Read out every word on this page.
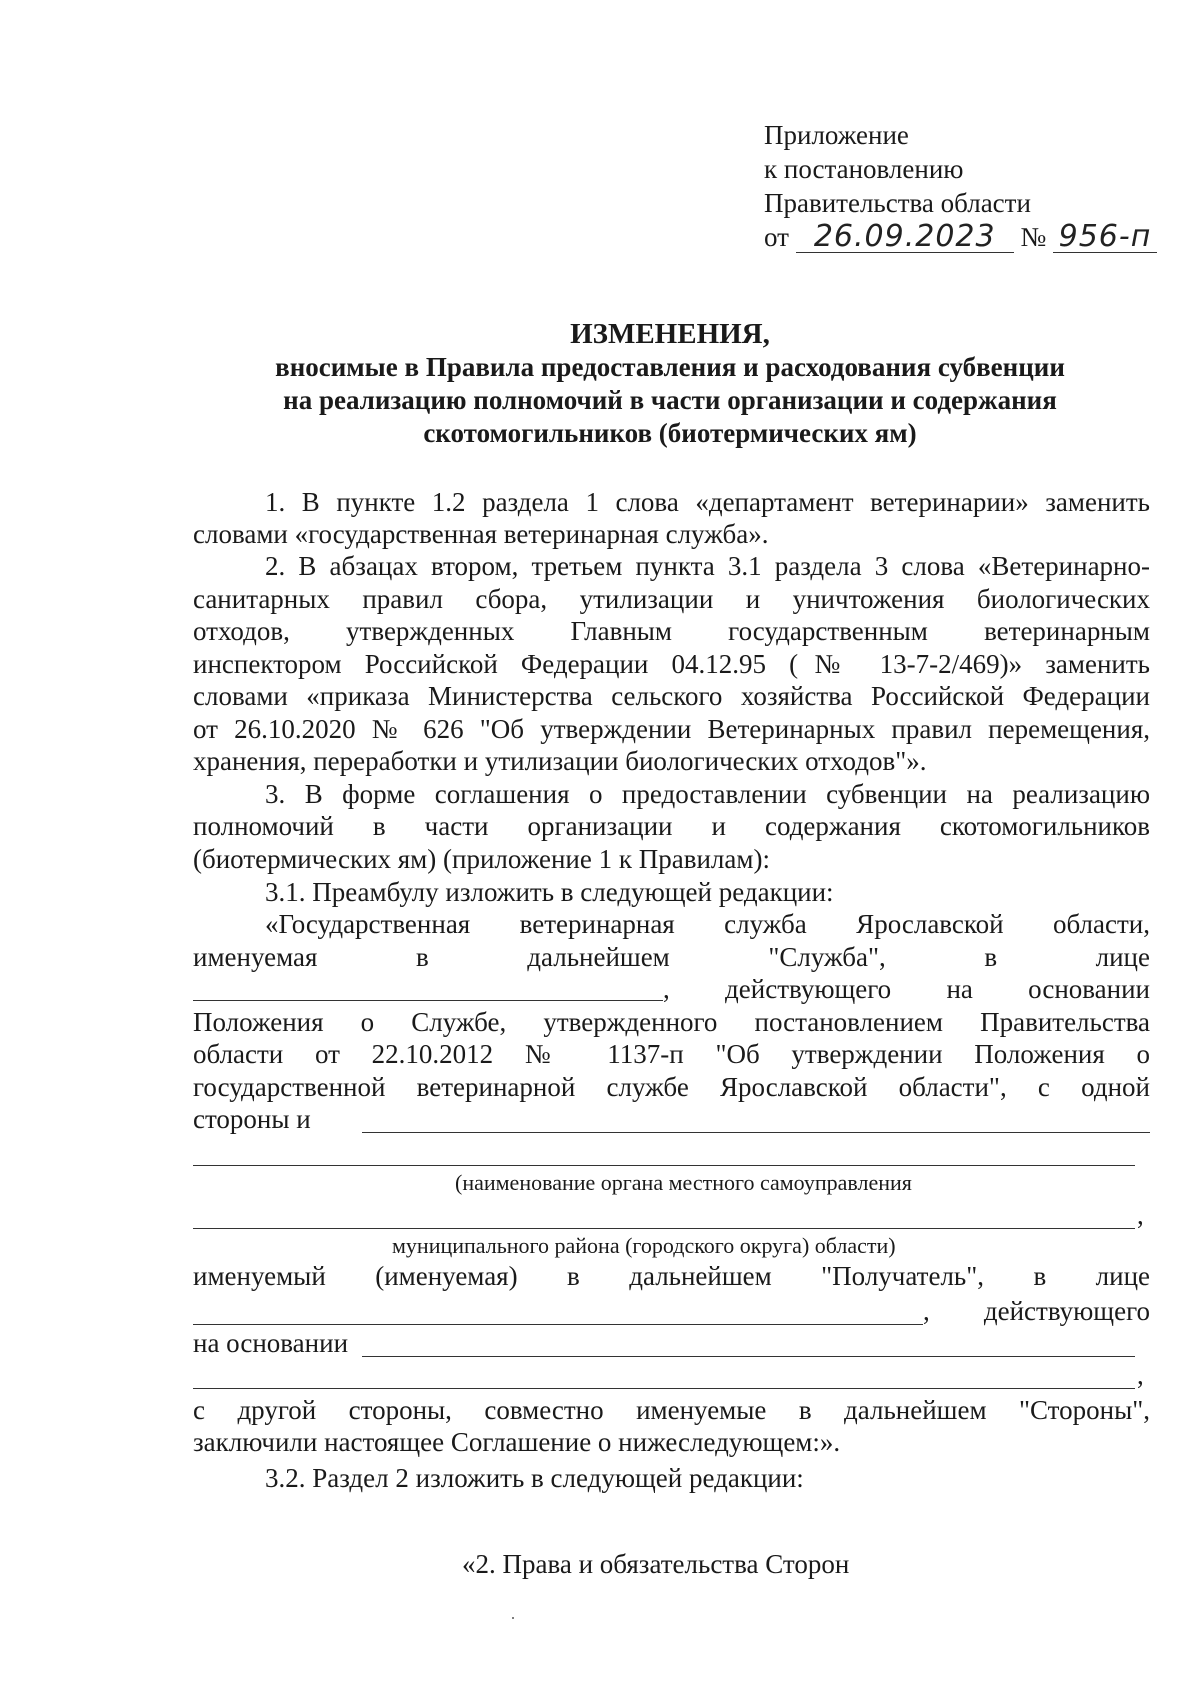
Приложение
к постановлению
Правительства области
от 26.09.2023 № 956-п
ИЗМЕНЕНИЯ,
вносимые в Правила предоставления и расходования субвенции
на реализацию полномочий в части организации и содержания
скотомогильников (биотермических ям)
1. В пункте 1.2 раздела 1 слова «департамент ветеринарии» заменить
словами «государственная ветеринарная служба».
2. В абзацах втором, третьем пункта 3.1 раздела 3 слова «Ветеринарно-
санитарных правил сбора, утилизации и уничтожения биологических
отходов, утвержденных Главным государственным ветеринарным
инспектором Российской Федерации 04.12.95 (№ 13-7-2/469)» заменить
словами «приказа Министерства сельского хозяйства Российской Федерации
от 26.10.2020 № 626 "Об утверждении Ветеринарных правил перемещения,
хранения, переработки и утилизации биологических отходов"».
3. В форме соглашения о предоставлении субвенции на реализацию
полномочий в части организации и содержания скотомогильников
(биотермических ям) (приложение 1 к Правилам):
3.1. Преамбулу изложить в следующей редакции:
«Государственная ветеринарная служба Ярославской области,
именуемая в дальнейшем "Служба", в лице
, действующего на основании
Положения о Службе, утвержденного постановлением Правительства
области от 22.10.2012 № 1137-п "Об утверждении Положения о
государственной ветеринарной службе Ярославской области", с одной
стороны и
(наименование органа местного самоуправления
,
муниципального района (городского округа) области)
именуемый (именуемая) в дальнейшем "Получатель", в лице
, действующего
на основании
,
с другой стороны, совместно именуемые в дальнейшем "Стороны",
заключили настоящее Соглашение о нижеследующем:».
3.2. Раздел 2 изложить в следующей редакции:
«2. Права и обязательства Сторон
